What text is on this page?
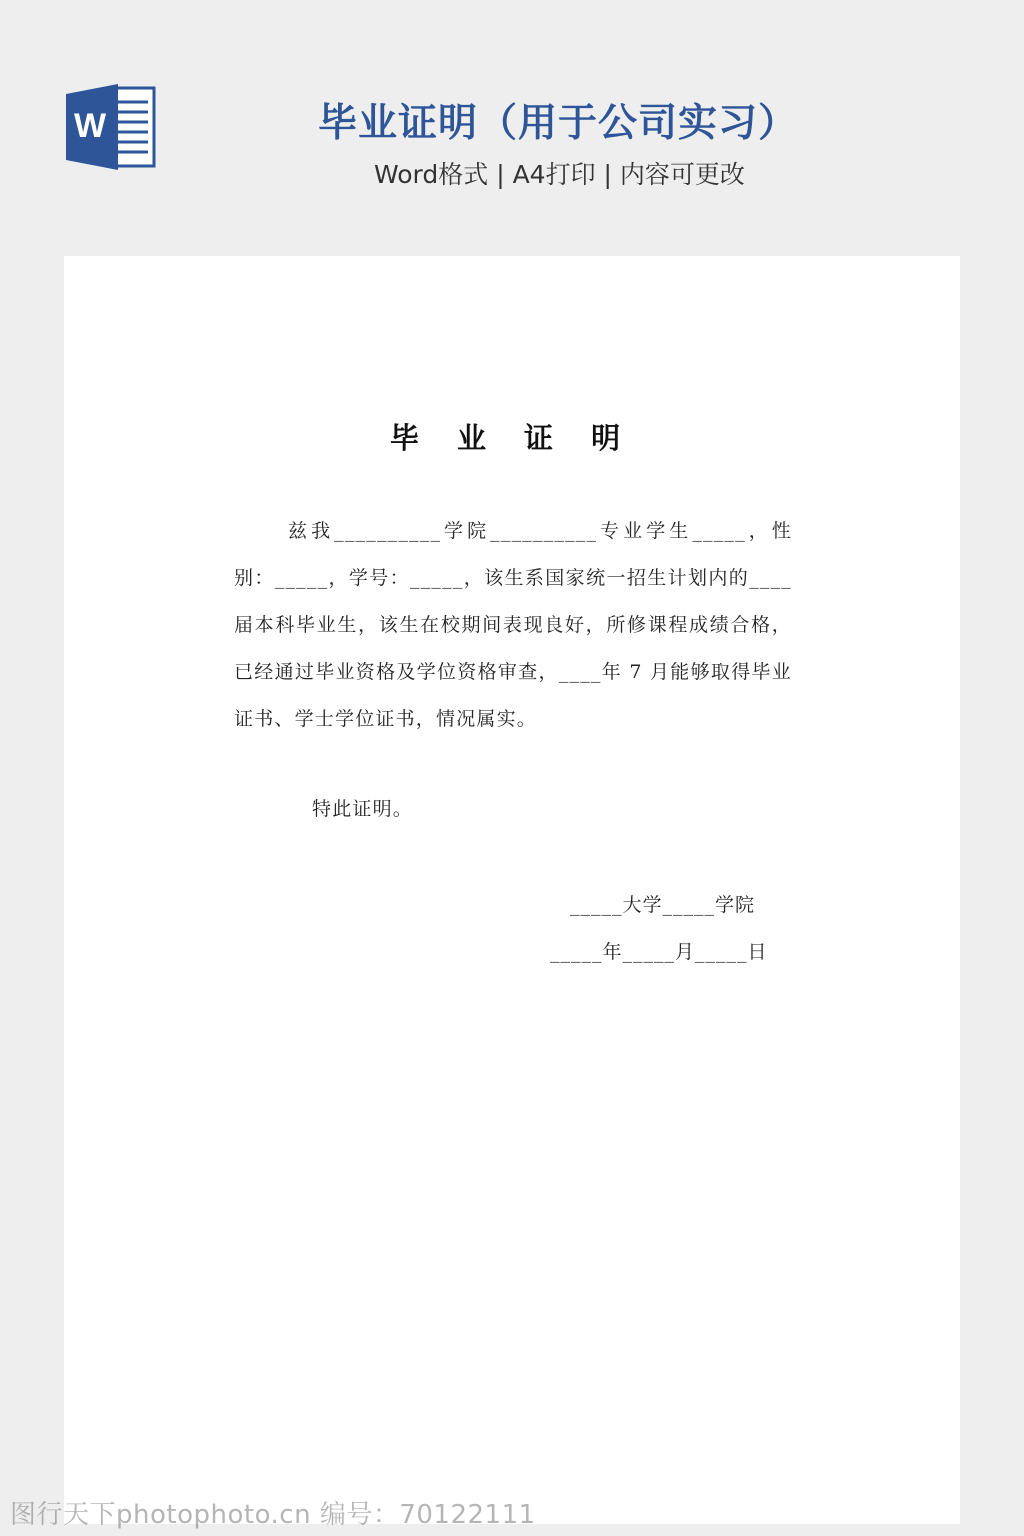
W	毕业证明（用于公司实习）
Word格式 | A4打印 | 内容可更改
毕 业 证 明
兹我__________学院__________专业学生_____，性别：_____，学号：_____，该生系国家统一招生计划内的____届本科毕业生，该生在校期间表现良好，所修课程成绩合格，已经通过毕业资格及学位资格审查，____年 7 月能够取得毕业证书、学士学位证书，情况属实。
特此证明。
_____大学_____学院
_____年_____月_____日
图行天下photophoto.cn 编号：70122111
